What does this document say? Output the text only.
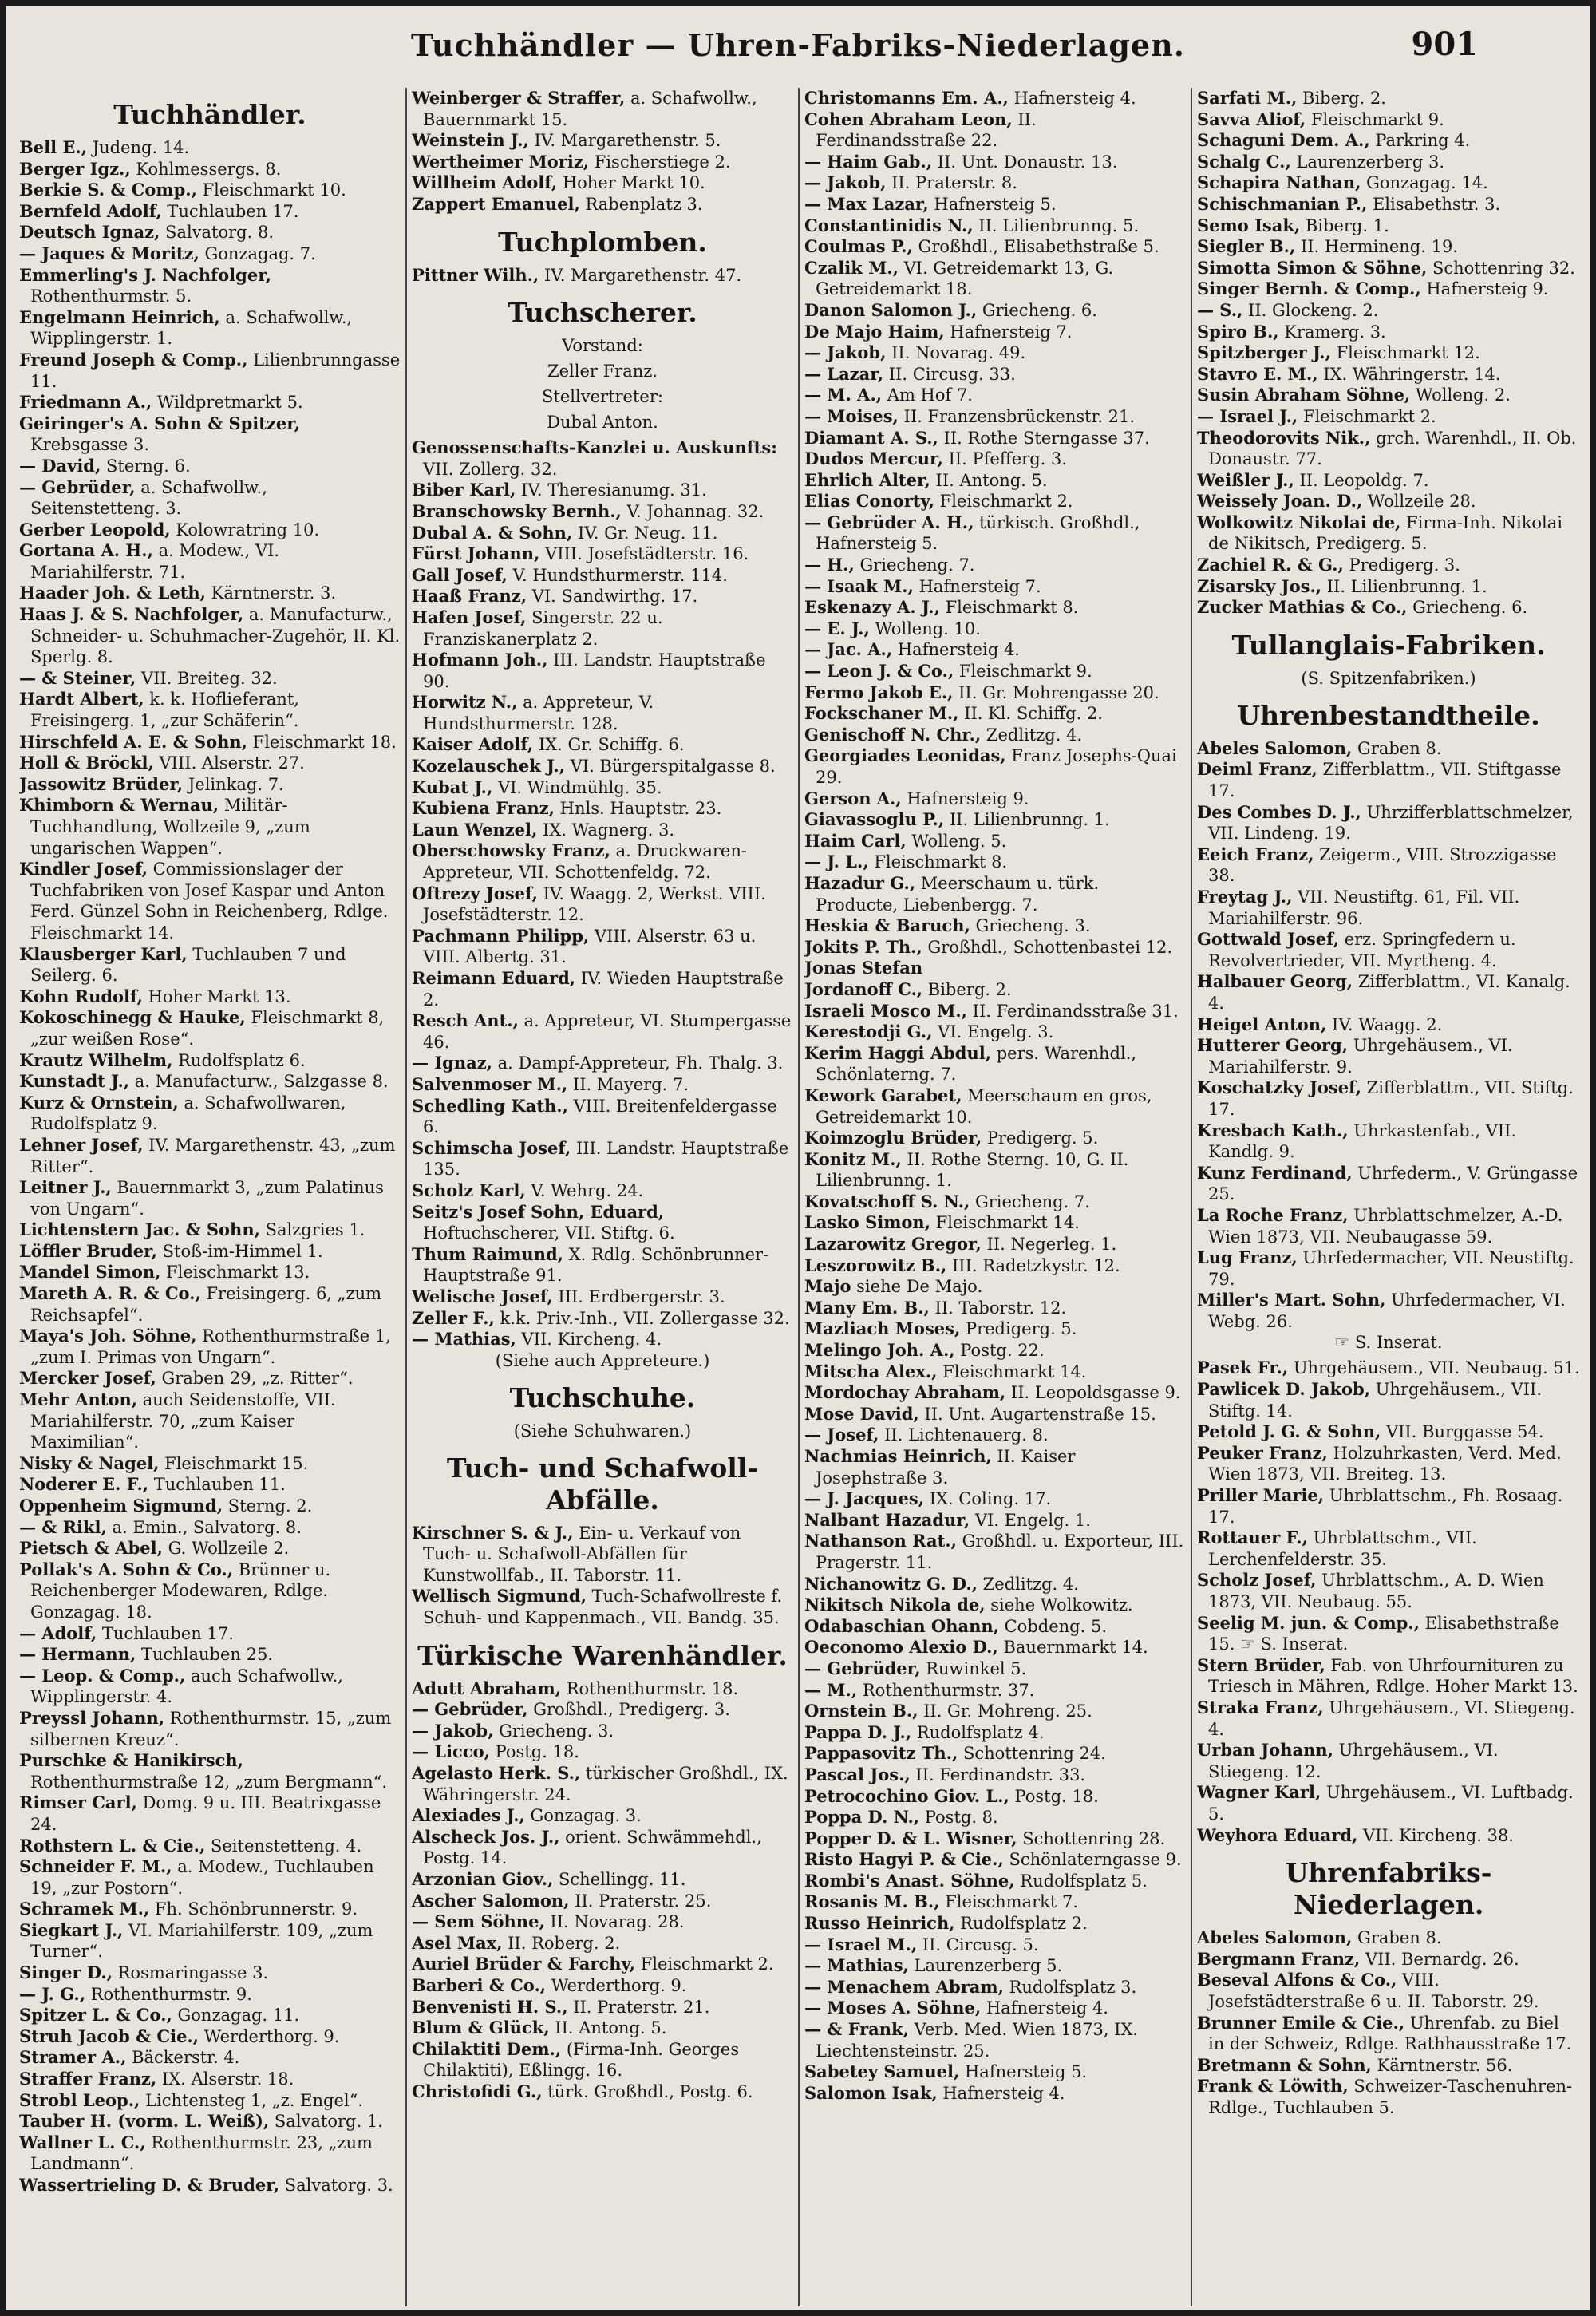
Tuchhändler — Uhren-Fabriks-Niederlagen.	901
Tuchhändler.
Bell E., Judeng. 14.
Berger Igz., Kohlmessergs. 8.
Berkie S. & Comp., Fleischmarkt 10.
Bernfeld Adolf, Tuchlauben 17.
Deutsch Ignaz, Salvatorg. 8.
— Jaques & Moritz, Gonzagag. 7.
Emmerling's J. Nachfolger, Rothenthurmstr. 5.
Engelmann Heinrich, a. Schafwollw., Wipplingerstr. 1.
Freund Joseph & Comp., Lilienbrunngasse 11.
Friedmann A., Wildpretmarkt 5.
Geiringer's A. Sohn & Spitzer, Krebsgasse 3.
— David, Sterng. 6.
— Gebrüder, a. Schafwollw., Seitenstetteng. 3.
Gerber Leopold, Kolowratring 10.
Gortana A. H., a. Modew., VI. Mariahilferstr. 71.
Haader Joh. & Leth, Kärntnerstr. 3.
Haas J. & S. Nachfolger, a. Manufacturw., Schneider- u. Schuhmacher-Zugehör, II. Kl. Sperlg. 8.
— & Steiner, VII. Breiteg. 32.
Hardt Albert, k. k. Hoflieferant, Freisingerg. 1, „zur Schäferin“.
Hirschfeld A. E. & Sohn, Fleischmarkt 18.
Holl & Bröckl, VIII. Alserstr. 27.
Jassowitz Brüder, Jelinkag. 7.
Khimborn & Wernau, Militär-Tuchhandlung, Wollzeile 9, „zum ungarischen Wappen“.
Kindler Josef, Commissionslager der Tuchfabriken von Josef Kaspar und Anton Ferd. Günzel Sohn in Reichenberg, Rdlge. Fleischmarkt 14.
Klausberger Karl, Tuchlauben 7 und Seilerg. 6.
Kohn Rudolf, Hoher Markt 13.
Kokoschinegg & Hauke, Fleischmarkt 8, „zur weißen Rose“.
Krautz Wilhelm, Rudolfsplatz 6.
Kunstadt J., a. Manufacturw., Salzgasse 8.
Kurz & Ornstein, a. Schafwollwaren, Rudolfsplatz 9.
Lehner Josef, IV. Margarethenstr. 43, „zum Ritter“.
Leitner J., Bauernmarkt 3, „zum Palatinus von Ungarn“.
Lichtenstern Jac. & Sohn, Salzgries 1.
Löffler Bruder, Stoß-im-Himmel 1.
Mandel Simon, Fleischmarkt 13.
Mareth A. R. & Co., Freisingerg. 6, „zum Reichsapfel“.
Maya's Joh. Söhne, Rothenthurmstraße 1, „zum I. Primas von Ungarn“.
Mercker Josef, Graben 29, „z. Ritter“.
Mehr Anton, auch Seidenstoffe, VII. Mariahilferstr. 70, „zum Kaiser Maximilian“.
Nisky & Nagel, Fleischmarkt 15.
Noderer E. F., Tuchlauben 11.
Oppenheim Sigmund, Sterng. 2.
— & Rikl, a. Emin., Salvatorg. 8.
Pietsch & Abel, G. Wollzeile 2.
Pollak's A. Sohn & Co., Brünner u. Reichenberger Modewaren, Rdlge. Gonzagag. 18.
— Adolf, Tuchlauben 17.
— Hermann, Tuchlauben 25.
— Leop. & Comp., auch Schafwollw., Wipplingerstr. 4.
Preyssl Johann, Rothenthurmstr. 15, „zum silbernen Kreuz“.
Purschke & Hanikirsch, Rothenthurmstraße 12, „zum Bergmann“.
Rimser Carl, Domg. 9 u. III. Beatrixgasse 24.
Rothstern L. & Cie., Seitenstetteng. 4.
Schneider F. M., a. Modew., Tuchlauben 19, „zur Postorn“.
Schramek M., Fh. Schönbrunnerstr. 9.
Siegkart J., VI. Mariahilferstr. 109, „zum Turner“.
Singer D., Rosmaringasse 3.
— J. G., Rothenthurmstr. 9.
Spitzer L. & Co., Gonzagag. 11.
Struh Jacob & Cie., Werderthorg. 9.
Stramer A., Bäckerstr. 4.
Straffer Franz, IX. Alserstr. 18.
Strobl Leop., Lichtensteg 1, „z. Engel“.
Tauber H. (vorm. L. Weiß), Salvatorg. 1.
Wallner L. C., Rothenthurmstr. 23, „zum Landmann“.
Wassertrieling D. & Bruder, Salvatorg. 3.
Weinberger & Straffer, a. Schafwollw., Bauernmarkt 15.
Weinstein J., IV. Margarethenstr. 5.
Wertheimer Moriz, Fischerstiege 2.
Willheim Adolf, Hoher Markt 10.
Zappert Emanuel, Rabenplatz 3.
Tuchplomben.
Pittner Wilh., IV. Margarethenstr. 47.
Tuchscherer.
Vorstand:
Zeller Franz.
Stellvertreter:
Dubal Anton.
Genossenschafts-Kanzlei u. Auskunfts: VII. Zollerg. 32.
Biber Karl, IV. Theresianumg. 31.
Branschowsky Bernh., V. Johannag. 32.
Dubal A. & Sohn, IV. Gr. Neug. 11.
Fürst Johann, VIII. Josefstädterstr. 16.
Gall Josef, V. Hundsthurmerstr. 114.
Haaß Franz, VI. Sandwirthg. 17.
Hafen Josef, Singerstr. 22 u. Franziskanerplatz 2.
Hofmann Joh., III. Landstr. Hauptstraße 90.
Horwitz N., a. Appreteur, V. Hundsthurmerstr. 128.
Kaiser Adolf, IX. Gr. Schiffg. 6.
Kozelauschek J., VI. Bürgerspitalgasse 8.
Kubat J., VI. Windmühlg. 35.
Kubiena Franz, Hnls. Hauptstr. 23.
Laun Wenzel, IX. Wagnerg. 3.
Oberschowsky Franz, a. Druckwaren-Appreteur, VII. Schottenfeldg. 72.
Oftrezy Josef, IV. Waagg. 2, Werkst. VIII. Josefstädterstr. 12.
Pachmann Philipp, VIII. Alserstr. 63 u. VIII. Albertg. 31.
Reimann Eduard, IV. Wieden Hauptstraße 2.
Resch Ant., a. Appreteur, VI. Stumpergasse 46.
— Ignaz, a. Dampf-Appreteur, Fh. Thalg. 3.
Salvenmoser M., II. Mayerg. 7.
Schedling Kath., VIII. Breitenfeldergasse 6.
Schimscha Josef, III. Landstr. Hauptstraße 135.
Scholz Karl, V. Wehrg. 24.
Seitz's Josef Sohn, Eduard, Hoftuchscherer, VII. Stiftg. 6.
Thum Raimund, X. Rdlg. Schönbrunner-Hauptstraße 91.
Welische Josef, III. Erdbergerstr. 3.
Zeller F., k.k. Priv.-Inh., VII. Zollergasse 32.
— Mathias, VII. Kircheng. 4.
(Siehe auch Appreteure.)
Tuchschuhe.
(Siehe Schuhwaren.)
Tuch- und Schafwoll-Abfälle.
Kirschner S. & J., Ein- u. Verkauf von Tuch- u. Schafwoll-Abfällen für Kunstwollfab., II. Taborstr. 11.
Wellisch Sigmund, Tuch-Schafwollreste f. Schuh- und Kappenmach., VII. Bandg. 35.
Türkische Warenhändler.
Adutt Abraham, Rothenthurmstr. 18.
— Gebrüder, Großhdl., Predigerg. 3.
— Jakob, Griecheng. 3.
— Licco, Postg. 18.
Agelasto Herk. S., türkischer Großhdl., IX. Währingerstr. 24.
Alexiades J., Gonzagag. 3.
Alscheck Jos. J., orient. Schwämmehdl., Postg. 14.
Arzonian Giov., Schellingg. 11.
Ascher Salomon, II. Praterstr. 25.
— Sem Söhne, II. Novarag. 28.
Asel Max, II. Roberg. 2.
Auriel Brüder & Farchy, Fleischmarkt 2.
Barberi & Co., Werderthorg. 9.
Benvenisti H. S., II. Praterstr. 21.
Blum & Glück, II. Antong. 5.
Chilaktiti Dem., (Firma-Inh. Georges Chilaktiti), Eßlingg. 16.
Christofidi G., türk. Großhdl., Postg. 6.
Christomanns Em. A., Hafnersteig 4.
Cohen Abraham Leon, II. Ferdinandsstraße 22.
— Haim Gab., II. Unt. Donaustr. 13.
— Jakob, II. Praterstr. 8.
— Max Lazar, Hafnersteig 5.
Constantinidis N., II. Lilienbrunng. 5.
Coulmas P., Großhdl., Elisabethstraße 5.
Czalik M., VI. Getreidemarkt 13, G. Getreidemarkt 18.
Danon Salomon J., Griecheng. 6.
De Majo Haim, Hafnersteig 7.
— Jakob, II. Novarag. 49.
— Lazar, II. Circusg. 33.
— M. A., Am Hof 7.
— Moises, II. Franzensbrückenstr. 21.
Diamant A. S., II. Rothe Sterngasse 37.
Dudos Mercur, II. Pfefferg. 3.
Ehrlich Alter, II. Antong. 5.
Elias Conorty, Fleischmarkt 2.
— Gebrüder A. H., türkisch. Großhdl., Hafnersteig 5.
— H., Griecheng. 7.
— Isaak M., Hafnersteig 7.
Eskenazy A. J., Fleischmarkt 8.
— E. J., Wolleng. 10.
— Jac. A., Hafnersteig 4.
— Leon J. & Co., Fleischmarkt 9.
Fermo Jakob E., II. Gr. Mohrengasse 20.
Fockschaner M., II. Kl. Schiffg. 2.
Genischoff N. Chr., Zedlitzg. 4.
Georgiades Leonidas, Franz Josephs-Quai 29.
Gerson A., Hafnersteig 9.
Giavassoglu P., II. Lilienbrunng. 1.
Haim Carl, Wolleng. 5.
— J. L., Fleischmarkt 8.
Hazadur G., Meerschaum u. türk. Producte, Liebenbergg. 7.
Heskia & Baruch, Griecheng. 3.
Jokits P. Th., Großhdl., Schottenbastei 12.
Jonas Stefan
Jordanoff C., Biberg. 2.
Israeli Mosco M., II. Ferdinandsstraße 31.
Kerestodji G., VI. Engelg. 3.
Kerim Haggi Abdul, pers. Warenhdl., Schönlaterng. 7.
Kework Garabet, Meerschaum en gros, Getreidemarkt 10.
Koimzoglu Brüder, Predigerg. 5.
Konitz M., II. Rothe Sterng. 10, G. II. Lilienbrunng. 1.
Kovatschoff S. N., Griecheng. 7.
Lasko Simon, Fleischmarkt 14.
Lazarowitz Gregor, II. Negerleg. 1.
Leszorowitz B., III. Radetzkystr. 12.
Majo siehe De Majo.
Many Em. B., II. Taborstr. 12.
Mazliach Moses, Predigerg. 5.
Melingo Joh. A., Postg. 22.
Mitscha Alex., Fleischmarkt 14.
Mordochay Abraham, II. Leopoldsgasse 9.
Mose David, II. Unt. Augartenstraße 15.
— Josef, II. Lichtenauerg. 8.
Nachmias Heinrich, II. Kaiser Josephstraße 3.
— J. Jacques, IX. Coling. 17.
Nalbant Hazadur, VI. Engelg. 1.
Nathanson Rat., Großhdl. u. Exporteur, III. Pragerstr. 11.
Nichanowitz G. D., Zedlitzg. 4.
Nikitsch Nikola de, siehe Wolkowitz.
Odabaschian Ohann, Cobdeng. 5.
Oeconomo Alexio D., Bauernmarkt 14.
— Gebrüder, Ruwinkel 5.
— M., Rothenthurmstr. 37.
Ornstein B., II. Gr. Mohreng. 25.
Pappa D. J., Rudolfsplatz 4.
Pappasovitz Th., Schottenring 24.
Pascal Jos., II. Ferdinandstr. 33.
Petrocochino Giov. L., Postg. 18.
Poppa D. N., Postg. 8.
Popper D. & L. Wisner, Schottenring 28.
Risto Hagyi P. & Cie., Schönlaterngasse 9.
Rombi's Anast. Söhne, Rudolfsplatz 5.
Rosanis M. B., Fleischmarkt 7.
Russo Heinrich, Rudolfsplatz 2.
— Israel M., II. Circusg. 5.
— Mathias, Laurenzerberg 5.
— Menachem Abram, Rudolfsplatz 3.
— Moses A. Söhne, Hafnersteig 4.
— & Frank, Verb. Med. Wien 1873, IX. Liechtensteinstr. 25.
Sabetey Samuel, Hafnersteig 5.
Salomon Isak, Hafnersteig 4.
Sarfati M., Biberg. 2.
Savva Aliof, Fleischmarkt 9.
Schaguni Dem. A., Parkring 4.
Schalg C., Laurenzerberg 3.
Schapira Nathan, Gonzagag. 14.
Schischmanian P., Elisabethstr. 3.
Semo Isak, Biberg. 1.
Siegler B., II. Hermineng. 19.
Simotta Simon & Söhne, Schottenring 32.
Singer Bernh. & Comp., Hafnersteig 9.
— S., II. Glockeng. 2.
Spiro B., Kramerg. 3.
Spitzberger J., Fleischmarkt 12.
Stavro E. M., IX. Währingerstr. 14.
Susin Abraham Söhne, Wolleng. 2.
— Israel J., Fleischmarkt 2.
Theodorovits Nik., grch. Warenhdl., II. Ob. Donaustr. 77.
Weißler J., II. Leopoldg. 7.
Weissely Joan. D., Wollzeile 28.
Wolkowitz Nikolai de, Firma-Inh. Nikolai de Nikitsch, Predigerg. 5.
Zachiel R. & G., Predigerg. 3.
Zisarsky Jos., II. Lilienbrunng. 1.
Zucker Mathias & Co., Griecheng. 6.
Tullanglais-Fabriken.
(S. Spitzenfabriken.)
Uhrenbestandtheile.
Abeles Salomon, Graben 8.
Deiml Franz, Zifferblattm., VII. Stiftgasse 17.
Des Combes D. J., Uhrzifferblattschmelzer, VII. Lindeng. 19.
Eeich Franz, Zeigerm., VIII. Strozzigasse 38.
Freytag J., VII. Neustiftg. 61, Fil. VII. Mariahilferstr. 96.
Gottwald Josef, erz. Springfedern u. Revolvertrieder, VII. Myrtheng. 4.
Halbauer Georg, Zifferblattm., VI. Kanalg. 4.
Heigel Anton, IV. Waagg. 2.
Hutterer Georg, Uhrgehäusem., VI. Mariahilferstr. 9.
Koschatzky Josef, Zifferblattm., VII. Stiftg. 17.
Kresbach Kath., Uhrkastenfab., VII. Kandlg. 9.
Kunz Ferdinand, Uhrfederm., V. Grüngasse 25.
La Roche Franz, Uhrblattschmelzer, A.-D. Wien 1873, VII. Neubaugasse 59.
Lug Franz, Uhrfedermacher, VII. Neustiftg. 79.
Miller's Mart. Sohn, Uhrfedermacher, VI. Webg. 26.
☞ S. Inserat.
Pasek Fr., Uhrgehäusem., VII. Neubaug. 51.
Pawlicek D. Jakob, Uhrgehäusem., VII. Stiftg. 14.
Petold J. G. & Sohn, VII. Burggasse 54.
Peuker Franz, Holzuhrkasten, Verd. Med. Wien 1873, VII. Breiteg. 13.
Priller Marie, Uhrblattschm., Fh. Rosaag. 17.
Rottauer F., Uhrblattschm., VII. Lerchenfelderstr. 35.
Scholz Josef, Uhrblattschm., A. D. Wien 1873, VII. Neubaug. 55.
Seelig M. jun. & Comp., Elisabethstraße 15. ☞ S. Inserat.
Stern Brüder, Fab. von Uhrfournituren zu Triesch in Mähren, Rdlge. Hoher Markt 13.
Straka Franz, Uhrgehäusem., VI. Stiegeng. 4.
Urban Johann, Uhrgehäusem., VI. Stiegeng. 12.
Wagner Karl, Uhrgehäusem., VI. Luftbadg. 5.
Weyhora Eduard, VII. Kircheng. 38.
Uhrenfabriks-Niederlagen.
Abeles Salomon, Graben 8.
Bergmann Franz, VII. Bernardg. 26.
Beseval Alfons & Co., VIII. Josefstädterstraße 6 u. II. Taborstr. 29.
Brunner Emile & Cie., Uhrenfab. zu Biel in der Schweiz, Rdlge. Rathhausstraße 17.
Bretmann & Sohn, Kärntnerstr. 56.
Frank & Löwith, Schweizer-Taschenuhren-Rdlge., Tuchlauben 5.
